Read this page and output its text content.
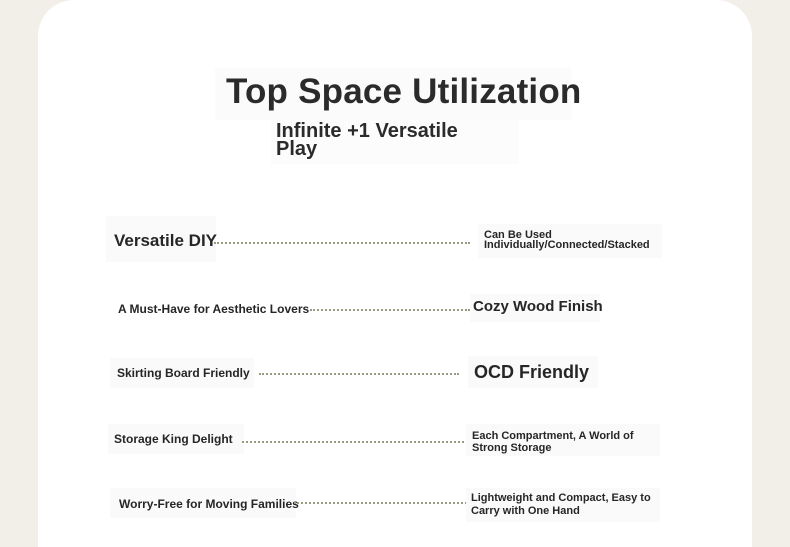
Top Space Utilization
Infinite +1 Versatile Play
Versatile DIY	Can Be Used Individually/Connected/Stacked
A Must-Have for Aesthetic Lovers	Cozy Wood Finish
Skirting Board Friendly	OCD Friendly
Storage King Delight	Each Compartment, A World of Strong Storage
Worry-Free for Moving Families	Lightweight and Compact, Easy to Carry with One Hand
